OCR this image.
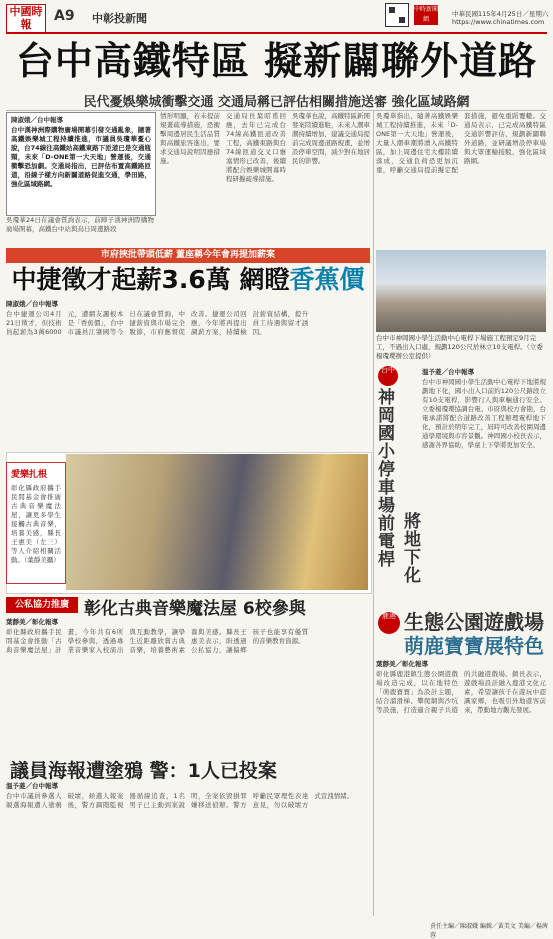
中國時報
A9 中彰投新聞
中時新聞網
中華民國115年4月25日／星期六
https://www.chinatimes.com
台中高鐵特區 擬新闢聯外道路
民代憂娛樂城衝擊交通 交通局稱已評估相關措施送審 強化區域路網
陳淑娥／台中報導
台中漢神洲際購物廣場開幕引發交通亂象，隨著高鐵娛樂城工程持續推進，市議員吳瓊華憂心說，台74線往高鐵站高鐵東路下匝道已是交通瓶頸，未來「D-ONE第一大天地」營運後，交通衝擊恐加劇。交通局指出，已評估布置高鐵路匝道，沿線子樣方向新闢道路促進交通，學田路，強化區域路網。
吳瓊華24日在議會質詢表示，前陣子漢神洲際購物廣場開幕，高鐵台中站與烏日周邊路段
情形明顯，若未提前規畫疏導措施，恐衝擊周邊居民生活品質與高鐵旅客進出，要求交通局說明因應措施。
交通局長葉昭甫回應，去年已完成台74線高鐵匝道改善工程，高鐵東路與台74線匝道交叉口壅塞情形已改善，後續將配合娛樂城開幕時程研擬疏導措施。
吳瓊華也說，高鐵特區新開發案陸續進駐，未來人潮車潮持續增加，建議交通局提前完成周邊道路規畫，並增設停車空間，減少對在地居民的影響。
吳瓊華指出，隨著高鐵娛樂城工程持續推進，未來「D-ONE第一大天地」營運後，大量人潮車潮將湧入高鐵特區，加上周邊住宅大樓陸續落成，交通負荷恐更加沉重，呼籲交通局提前擬定配套措施，避免重蹈覆轍。交通局表示，已完成高鐵特區交通影響評估，規劃新闢聯外道路，並研議增設停車場與大眾運輸接駁，強化區域路網。
市府挾批帶頭低薪 董座稱今年會再提加薪案
中捷徵才起薪3.6萬 網瞪香蕉價
陳淑娥／台中報導
台中捷運公司4月21日徵才，但技術員起薪為3萬6000元，遭網友諷根本是「香蕉價」，台中市議員江肇國等今日在議會質詢，中捷薪資與市場完全脫節，市府應督促改善。捷運公司回應，今年將再提出調薪方案，持續檢討薪資結構，提升員工待遇與留才誘因。
愛樂扎根
彰化縣政府攜手民間基金會推廣古典音樂魔法屋，讓更多學生接觸古典音樂，培養美感，縣長王惠美（左三）等人介紹相關活動。（葉靜美攝）
公私協力推廣 彰化古典音樂魔法屋 6校參與
葉靜美／彰化報導
彰化縣政府攜手民間基金會推動「古典音樂魔法屋」計畫，今年共有6所學校參與，透過專業音樂家入校演出與互動教學，讓學生近距離欣賞古典音樂，培養藝術素養與美感。縣長王惠美表示，盼透過公私協力，讓偏鄉孩子也能享有優質的音樂教育資源。
議員海報遭塗鴉 警：1人已投案
溫予菱／台中報導
台中市議員參選人競選海報遭人塗鴉破壞，候選人報案後，警方調閱監視器循線追查，1名男子已主動到案說明，全案依毀損罪嫌移送偵辦。警方呼籲民眾理性表達意見，勿以破壞方式宣洩情緒。
台中市神岡國小學生活動中心電桿下場施工程預定9月完工，不過出入口處，規劃120公尺於林立10支電桿。（立委楊瓊瓔辦公室提供）
台中
神岡國小停車場前電桿 將地下化
溫予菱／台中報導
台中市神岡國小學生活動中心電桿下地將規劃地下化，國小出入口前約120公尺路段立有10支電桿，影響行人與車輛通行安全。立委楊瓊瓔協調台電、市府與校方會勘，台電承諾將配合道路改善工程辦理電桿地下化，預計於明年完工，屆時可改善校園周邊通學環境與市容景觀。神岡國小校長表示，感謝各界協助，學童上下學將更加安全。
鹿港 生態公園遊戲場
萌鹿寶寶展特色
葉靜美／彰化報導
彰化縣鹿港鎮生態公園遊戲場改造完成，以在地特色「萌鹿寶寶」為設計主題，結合溜滑梯、攀爬網與沙坑等設施，打造適合親子共遊的共融遊戲場。鎮長表示，遊戲場設計融入鹿港文化元素，希望讓孩子在遊玩中認識家鄉，也吸引外地遊客前來，帶動地方觀光發展。
責任主編／陳淑娥 編輯／黃美文 美編／楊茜蓉
